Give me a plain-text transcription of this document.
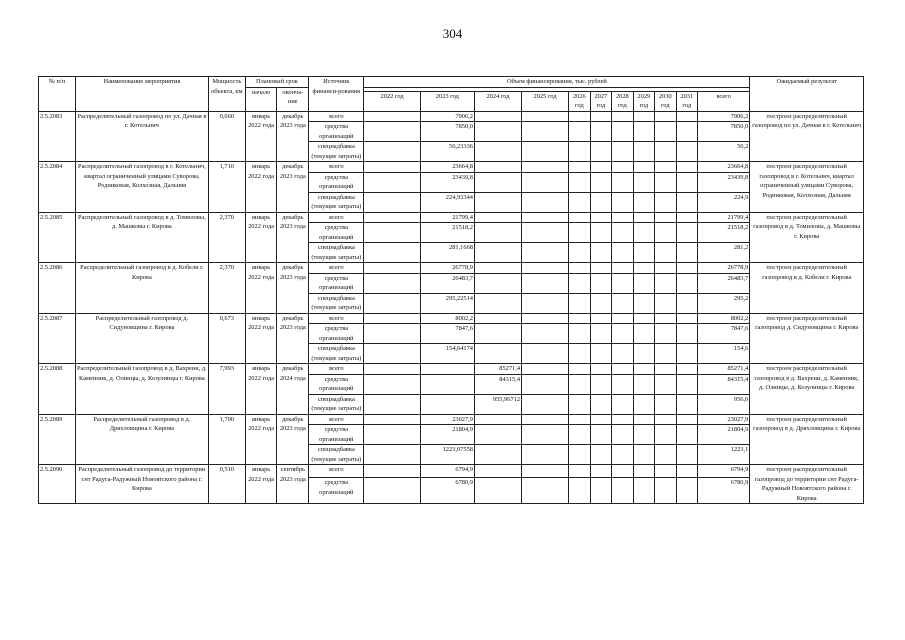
304
№ п/п	Наименование мероприятия	Мощность объекта, км	Плановый срок		Источник финанси-рования	Объем финансирования, тыс. рублей											Ожидаемый результат
			начало	оконча-ние													
						2022 год	2023 год	2024 год	2025 год	2026 год	2027 год	2028 год	2029 год	2030 год	2031 год	всего	
2.5.2083	Распределительный газопровод по ул. Дачная в г. Котельнич	0,660	январь 2022 года	декабрь 2023 года	всего		7906,2									7906,2	построен распределительный газопровод по ул. Дачная в г. Котельнич
					средства организаций		7850,0									7850,0	
					спецнадбавка (текущие затраты)		56,23336									56,2	
2.5.2084	Распределительный газопровод в г. Котельнич, квартал ограниченный улицами Суворова, Родниковая, Колхозная, Дальняя	1,710	январь 2022 года	декабрь 2023 года	всего		23664,8									23664,8	построен распределительный газопровод в г. Котельнич, квартал ограниченный улицами Суворова, Родниковая, Колхозная, Дальняя
					средства организаций		23439,8									23439,8	
					спецнадбавка (текущие затраты)		224,93344									224,9	
2.5.2085	Распределительный газопровод в д. Томиловы, д. Машковы г. Кирова	2,370	январь 2022 года	декабрь 2023 года	всего		21799,4									21799,4	построен распределительный газопровод в д. Томиловы, д. Машковы г. Кирова
					средства организаций		21518,2									21518,2	
					спецнадбавка (текущие затраты)		281,1668									281,2	
2.5.2086	Распределительный газопровод в д. Кобели г. Кирова	2,370	январь 2022 года	декабрь 2023 года	всего		26778,9									26778,9	построен распределительный газопровод в д. Кобели г. Кирова
					средства организаций		26483,7									26483,7	
					спецнадбавка (текущие затраты)		295,22514									295,2	
2.5.2087	Распределительный газопровод д. Сидуновщина г. Кирова	0,673	январь 2022 года	декабрь 2023 года	всего		8002,2									8002,2	построен распределительный газопровод д. Сидуновщина г. Кирова
					средства организаций		7847,6									7847,6	
					спецнадбавка (текущие затраты)		154,64174									154,6	
2.5.2088	Распределительный газопровод в д. Вахрени, д. Каменник, д. Олинцы, д. Козулинцы г. Кирова	7,993	январь 2022 года	декабрь 2024 года	всего			85271,4								85271,4	построен распределительный газопровод в д. Вахрени, д. Каменник, д. Олинцы, д. Козулинцы г. Кирова
					средства организаций			84315,4								84315,4	
					спецнадбавка (текущие затраты)			955,96712								956,0	
2.5.2089	Распределительный газопровод в д. Дряхловщина г. Кирова	1,700	январь 2022 года	декабрь 2023 года	всего		23027,9									23027,9	построен распределительный газопровод в д. Дряхловщина г. Кирова
					средства организаций		21804,9									21804,9	
					спецнадбавка (текущие затраты)		1223,07558									1223,1	
2.5.2090	Распределительный газопровод до территории снт Радуга-Радужный Новоятского района г. Кирова	0,510	январь 2022 года	сентябрь 2023 года	всего		6794,9									6794,9	построен распределительный газопровод до территории снт Радуга-Радужный Новоятского района г. Кирова
					средства организаций		6780,9									6780,9	
